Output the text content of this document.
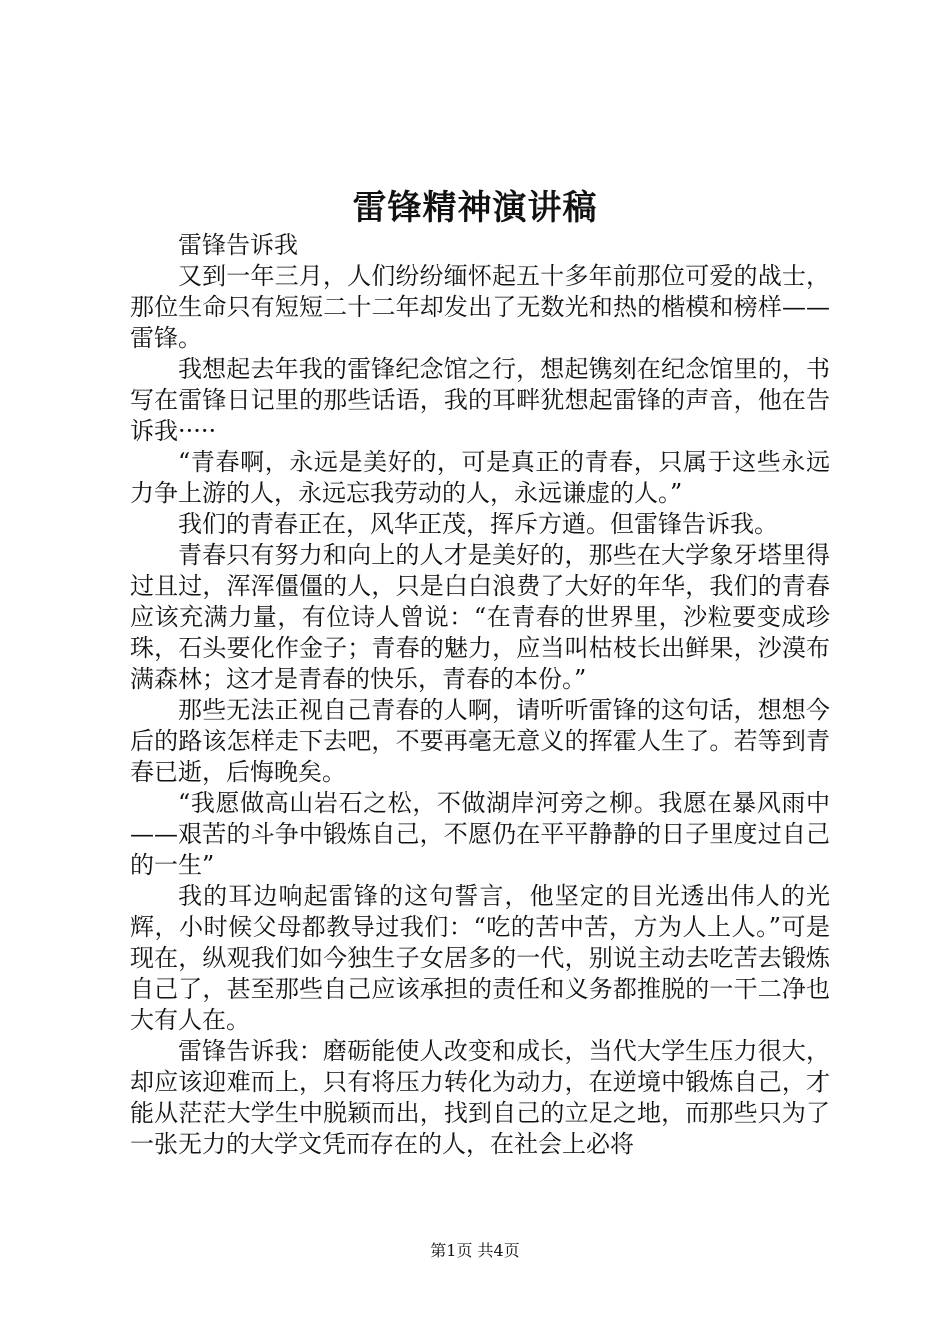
雷锋精神演讲稿

雷锋告诉我

又到一年三月，人们纷纷缅怀起五十多年前那位可爱的战士，那位生命只有短短二十二年却发出了无数光和热的楷模和榜样——雷锋。

我想起去年我的雷锋纪念馆之行，想起镌刻在纪念馆里的，书写在雷锋日记里的那些话语，我的耳畔犹想起雷锋的声音，他在告诉我·····

“青春啊，永远是美好的，可是真正的青春，只属于这些永远力争上游的人，永远忘我劳动的人，永远谦虚的人。”

我们的青春正在，风华正茂，挥斥方遒。但雷锋告诉我。

青春只有努力和向上的人才是美好的，那些在大学象牙塔里得过且过，浑浑僵僵的人，只是白白浪费了大好的年华，我们的青春应该充满力量，有位诗人曾说：“在青春的世界里，沙粒要变成珍珠，石头要化作金子；青春的魅力，应当叫枯枝长出鲜果，沙漠布满森林；这才是青春的快乐，青春的本份。”

那些无法正视自己青春的人啊，请听听雷锋的这句话，想想今后的路该怎样走下去吧，不要再毫无意义的挥霍人生了。若等到青春已逝，后悔晚矣。

“我愿做高山岩石之松，不做湖岸河旁之柳。我愿在暴风雨中——艰苦的斗争中锻炼自己，不愿仍在平平静静的日子里度过自己的一生”

我的耳边响起雷锋的这句誓言，他坚定的目光透出伟人的光辉，小时候父母都教导过我们：“吃的苦中苦，方为人上人。”可是现在，纵观我们如今独生子女居多的一代，别说主动去吃苦去锻炼自己了，甚至那些自己应该承担的责任和义务都推脱的一干二净也大有人在。

雷锋告诉我：磨砺能使人改变和成长，当代大学生压力很大，却应该迎难而上，只有将压力转化为动力，在逆境中锻炼自己，才能从茫茫大学生中脱颖而出，找到自己的立足之地，而那些只为了一张无力的大学文凭而存在的人，在社会上必将

第1页 共4页
